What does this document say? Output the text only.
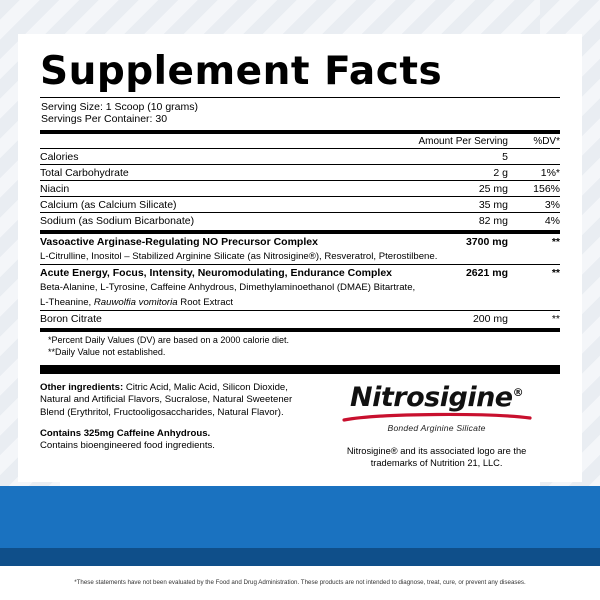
Supplement Facts
Serving Size: 1 Scoop (10 grams)
Servings Per Container: 30
	Amount Per Serving	%DV*
Calories	5	
Total Carbohydrate	2 g	1%*
Niacin	25 mg	156%
Calcium (as Calcium Silicate)	35 mg	3%
Sodium (as Sodium Bicarbonate)	82 mg	4%
Vasoactive Arginase-Regulating NO Precursor Complex	3700 mg	**
L-Citrulline, Inositol – Stabilized Arginine Silicate (as Nitrosigine®), Resveratrol, Pterostilbene.		
Acute Energy, Focus, Intensity, Neuromodulating, Endurance Complex	2621 mg	**
Beta-Alanine, L-Tyrosine, Caffeine Anhydrous, Dimethylaminoethanol (DMAE) Bitartrate,		
L-Theanine, Rauwolfia vomitoria Root Extract		
Boron Citrate	200 mg	**
*Percent Daily Values (DV) are based on a 2000 calorie diet.
**Daily Value not established.
Other ingredients: Citric Acid, Malic Acid, Silicon Dioxide, Natural and Artificial Flavors, Sucralose, Natural Sweetener Blend (Erythritol, Fructooligosaccharides, Natural Flavor).
Contains 325mg Caffeine Anhydrous.
Contains bioengineered food ingredients.
Nitrosigine®
Bonded Arginine Silicate
Nitrosigine® and its associated logo are the
trademarks of Nutrition 21, LLC.
*These statements have not been evaluated by the Food and Drug Administration. These products are not intended to diagnose, treat, cure, or prevent any diseases.
